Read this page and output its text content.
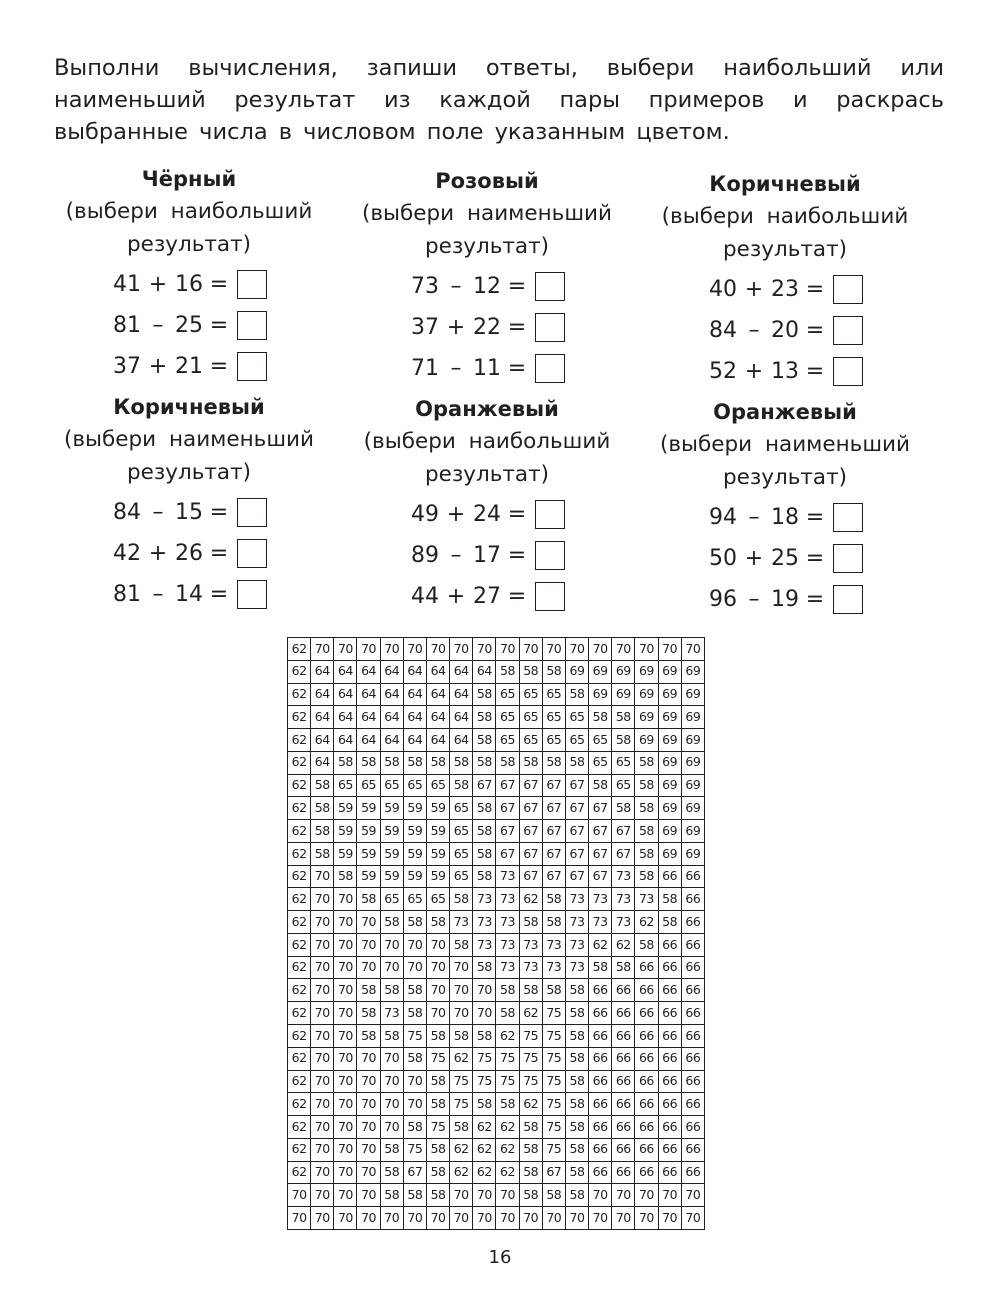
Выполни вычисления, запиши ответы, выбери наибольший или наименьший результат из каждой пары примеров и раскрась выбранные числа в числовом поле указанным цветом.
Чёрный
(выбери наибольший результат)
41 + 16 =
81 – 25 =
37 + 21 =
Розовый
(выбери наименьший результат)
73 – 12 =
37 + 22 =
71 – 11 =
Коричневый
(выбери наибольший результат)
40 + 23 =
84 – 20 =
52 + 13 =
Коричневый
(выбери наименьший результат)
84 – 15 =
42 + 26 =
81 – 14 =
Оранжевый
(выбери наибольший результат)
49 + 24 =
89 – 17 =
44 + 27 =
Оранжевый
(выбери наименьший результат)
94 – 18 =
50 + 25 =
96 – 19 =
62	70	70	70	70	70	70	70	70	70	70	70	70	70	70	70	70	70
62	64	64	64	64	64	64	64	64	58	58	58	69	69	69	69	69	69
62	64	64	64	64	64	64	64	58	65	65	65	58	69	69	69	69	69
62	64	64	64	64	64	64	64	58	65	65	65	65	58	58	69	69	69
62	64	64	64	64	64	64	64	58	65	65	65	65	65	58	69	69	69
62	64	58	58	58	58	58	58	58	58	58	58	58	65	65	58	69	69
62	58	65	65	65	65	65	58	67	67	67	67	67	58	65	58	69	69
62	58	59	59	59	59	59	65	58	67	67	67	67	67	58	58	69	69
62	58	59	59	59	59	59	65	58	67	67	67	67	67	67	58	69	69
62	58	59	59	59	59	59	65	58	67	67	67	67	67	67	58	69	69
62	70	58	59	59	59	59	65	58	73	67	67	67	67	73	58	66	66
62	70	70	58	65	65	65	58	73	73	62	58	73	73	73	73	58	66
62	70	70	70	58	58	58	73	73	73	58	58	73	73	73	62	58	66
62	70	70	70	70	70	70	58	73	73	73	73	73	62	62	58	66	66
62	70	70	70	70	70	70	70	58	73	73	73	73	58	58	66	66	66
62	70	70	58	58	58	70	70	70	58	58	58	58	66	66	66	66	66
62	70	70	58	73	58	70	70	70	58	62	75	58	66	66	66	66	66
62	70	70	58	58	75	58	58	58	62	75	75	58	66	66	66	66	66
62	70	70	70	70	58	75	62	75	75	75	75	58	66	66	66	66	66
62	70	70	70	70	70	58	75	75	75	75	75	58	66	66	66	66	66
62	70	70	70	70	70	58	75	58	58	62	75	58	66	66	66	66	66
62	70	70	70	70	58	75	58	62	62	58	75	58	66	66	66	66	66
62	70	70	70	58	75	58	62	62	62	58	75	58	66	66	66	66	66
62	70	70	70	58	67	58	62	62	62	58	67	58	66	66	66	66	66
70	70	70	70	58	58	58	70	70	70	58	58	58	70	70	70	70	70
70	70	70	70	70	70	70	70	70	70	70	70	70	70	70	70	70	70
16
